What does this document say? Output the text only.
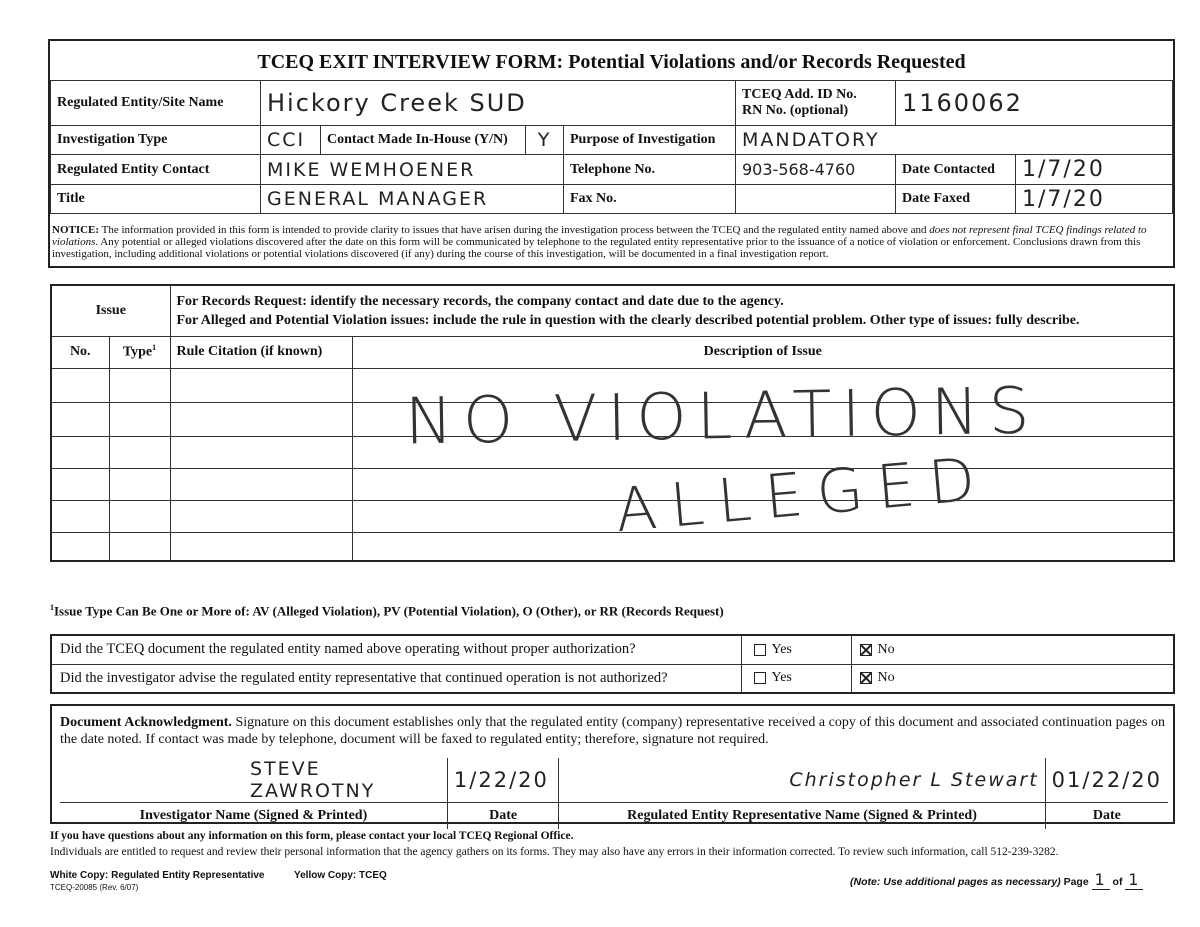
TCEQ EXIT INTERVIEW FORM: Potential Violations and/or Records Requested
Regulated Entity/Site Name	Hickory Creek SUD				TCEQ Add. ID No.
RN No. (optional)	1160062	
Investigation Type	CCI	Contact Made In-House (Y/N)	Y	Purpose of Investigation	MANDATORY		
Regulated Entity Contact	MIKE WEMHOENER			Telephone No.	903-568-4760	Date Contacted	1/7/20
Title	GENERAL MANAGER			Fax No.		Date Faxed	1/7/20
NOTICE: The information provided in this form is intended to provide clarity to issues that have arisen during the investigation process between the TCEQ and the regulated entity named above and does not represent final TCEQ findings related to violations. Any potential or alleged violations discovered after the date on this form will be communicated by telephone to the regulated entity representative prior to the issuance of a notice of violation or enforcement. Conclusions drawn from this investigation, including additional violations or potential violations discovered (if any) during the course of this investigation, will be documented in a final investigation report.
Issue		For Records Request: identify the necessary records, the company contact and date due to the agency.
For Alleged and Potential Violation issues: include the rule in question with the clearly described potential problem. Other type of issues: fully describe.	
No.	Type$^1$	Rule Citation (if known)	Description of Issue

NO VIOLATIONS
ALLEGED
$^1$Issue Type Can Be One or More of: AV (Alleged Violation), PV (Potential Violation), O (Other), or RR (Records Request)
Did the TCEQ document the regulated entity named above operating without proper authorization?	Yes	No
Did the investigator advise the regulated entity representative that continued operation is not authorized?	Yes	No
Document Acknowledgment. Signature on this document establishes only that the regulated entity (company) representative received a copy of this document and associated continuation pages on the date noted. If contact was made by telephone, document will be faxed to regulated entity; therefore, signature not required.
STEVE ZAWROTNY	1/22/20	Christopher L Stewart	01/22/20
Investigator Name (Signed & Printed)	Date	Regulated Entity Representative Name (Signed & Printed)	Date
If you have questions about any information on this form, please contact your local TCEQ Regional Office.
Individuals are entitled to request and review their personal information that the agency gathers on its forms. They may also have any errors in their information corrected. To review such information, call 512-239-3282.
White Copy: Regulated Entity Representative	Yellow Copy: TCEQ
TCEQ-20085 (Rev. 6/07)	(Note: Use additional pages as necessary) Page 1 of 1
